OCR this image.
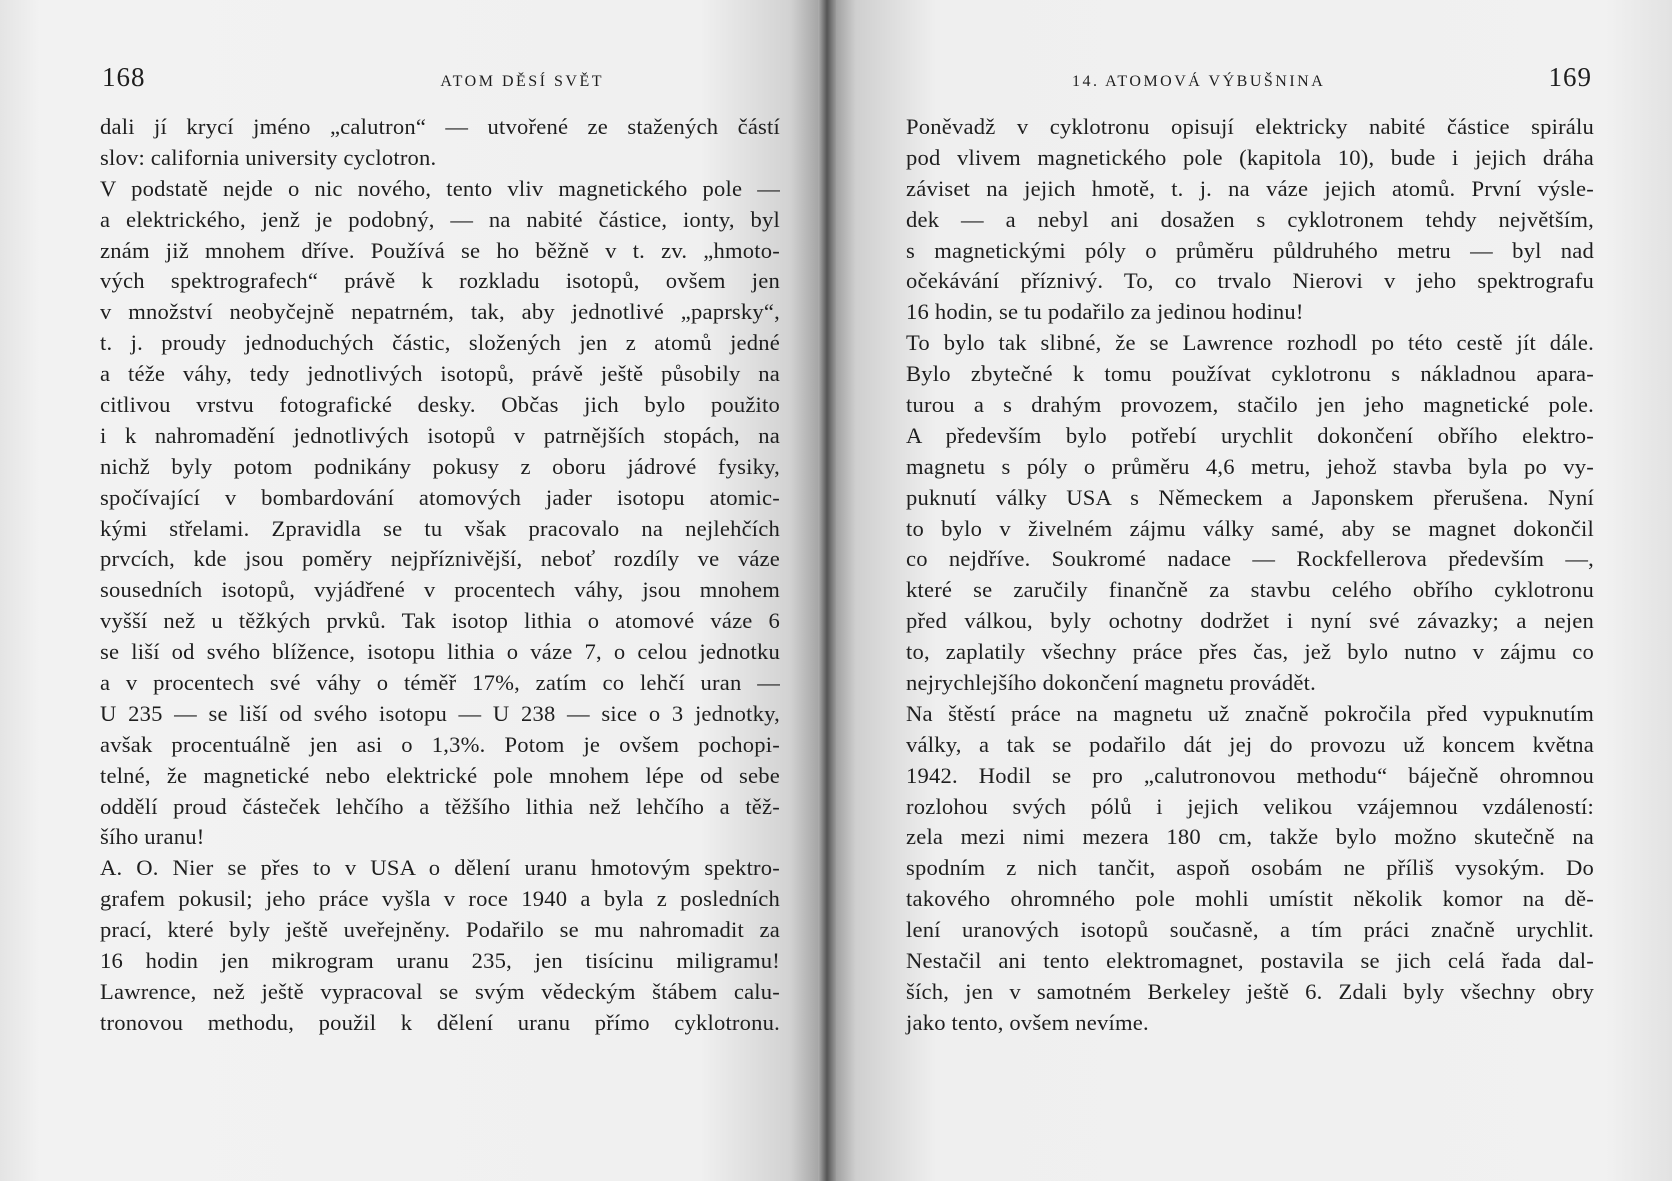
168	ATOM DĚSÍ SVĚT
dali jí krycí jméno „calutron“ — utvořené ze stažených částí
slov: california university cyclotron.
V podstatě nejde o nic nového, tento vliv magnetického pole —
a elektrického, jenž je podobný, — na nabité částice, ionty, byl
znám již mnohem dříve. Používá se ho běžně v t. zv. „hmoto-
vých spektrografech“ právě k rozkladu isotopů, ovšem jen
v množství neobyčejně nepatrném, tak, aby jednotlivé „paprsky“,
t. j. proudy jednoduchých částic, složených jen z atomů jedné
a téže váhy, tedy jednotlivých isotopů, právě ještě působily na
citlivou vrstvu fotografické desky. Občas jich bylo použito
i k nahromadění jednotlivých isotopů v patrnějších stopách, na
nichž byly potom podnikány pokusy z oboru jádrové fysiky,
spočívající v bombardování atomových jader isotopu atomic-
kými střelami. Zpravidla se tu však pracovalo na nejlehčích
prvcích, kde jsou poměry nejpříznivější, neboť rozdíly ve váze
sousedních isotopů, vyjádřené v procentech váhy, jsou mnohem
vyšší než u těžkých prvků. Tak isotop lithia o atomové váze 6
se liší od svého blížence, isotopu lithia o váze 7, o celou jednotku
a v procentech své váhy o téměř 17%, zatím co lehčí uran —
U 235 — se liší od svého isotopu — U 238 — sice o 3 jednotky,
avšak procentuálně jen asi o 1,3%. Potom je ovšem pochopi-
telné, že magnetické nebo elektrické pole mnohem lépe od sebe
oddělí proud částeček lehčího a těžšího lithia než lehčího a těž-
šího uranu!
A. O. Nier se přes to v USA o dělení uranu hmotovým spektro-
grafem pokusil; jeho práce vyšla v roce 1940 a byla z posledních
prací, které byly ještě uveřejněny. Podařilo se mu nahromadit za
16 hodin jen mikrogram uranu 235, jen tisícinu miligramu!
Lawrence, než ještě vypracoval se svým vědeckým štábem calu-
tronovou methodu, použil k dělení uranu přímo cyklotronu.
14. ATOMOVÁ VÝBUŠNINA	169
Poněvadž v cyklotronu opisují elektricky nabité částice spirálu
pod vlivem magnetického pole (kapitola 10), bude i jejich dráha
záviset na jejich hmotě, t. j. na váze jejich atomů. První výsle-
dek — a nebyl ani dosažen s cyklotronem tehdy největším,
s magnetickými póly o průměru půldruhého metru — byl nad
očekávání příznivý. To, co trvalo Nierovi v jeho spektrografu
16 hodin, se tu podařilo za jedinou hodinu!
To bylo tak slibné, že se Lawrence rozhodl po této cestě jít dále.
Bylo zbytečné k tomu používat cyklotronu s nákladnou apara-
turou a s drahým provozem, stačilo jen jeho magnetické pole.
A především bylo potřebí urychlit dokončení obřího elektro-
magnetu s póly o průměru 4,6 metru, jehož stavba byla po vy-
puknutí války USA s Německem a Japonskem přerušena. Nyní
to bylo v živelném zájmu války samé, aby se magnet dokončil
co nejdříve. Soukromé nadace — Rockfellerova především —,
které se zaručily finančně za stavbu celého obřího cyklotronu
před válkou, byly ochotny dodržet i nyní své závazky; a nejen
to, zaplatily všechny práce přes čas, jež bylo nutno v zájmu co
nejrychlejšího dokončení magnetu provádět.
Na štěstí práce na magnetu už značně pokročila před vypuknutím
války, a tak se podařilo dát jej do provozu už koncem května
1942. Hodil se pro „calutronovou methodu“ báječně ohromnou
rozlohou svých pólů i jejich velikou vzájemnou vzdáleností:
zela mezi nimi mezera 180 cm, takže bylo možno skutečně na
spodním z nich tančit, aspoň osobám ne příliš vysokým. Do
takového ohromného pole mohli umístit několik komor na dě-
lení uranových isotopů současně, a tím práci značně urychlit.
Nestačil ani tento elektromagnet, postavila se jich celá řada dal-
ších, jen v samotném Berkeley ještě 6. Zdali byly všechny obry
jako tento, ovšem nevíme.
